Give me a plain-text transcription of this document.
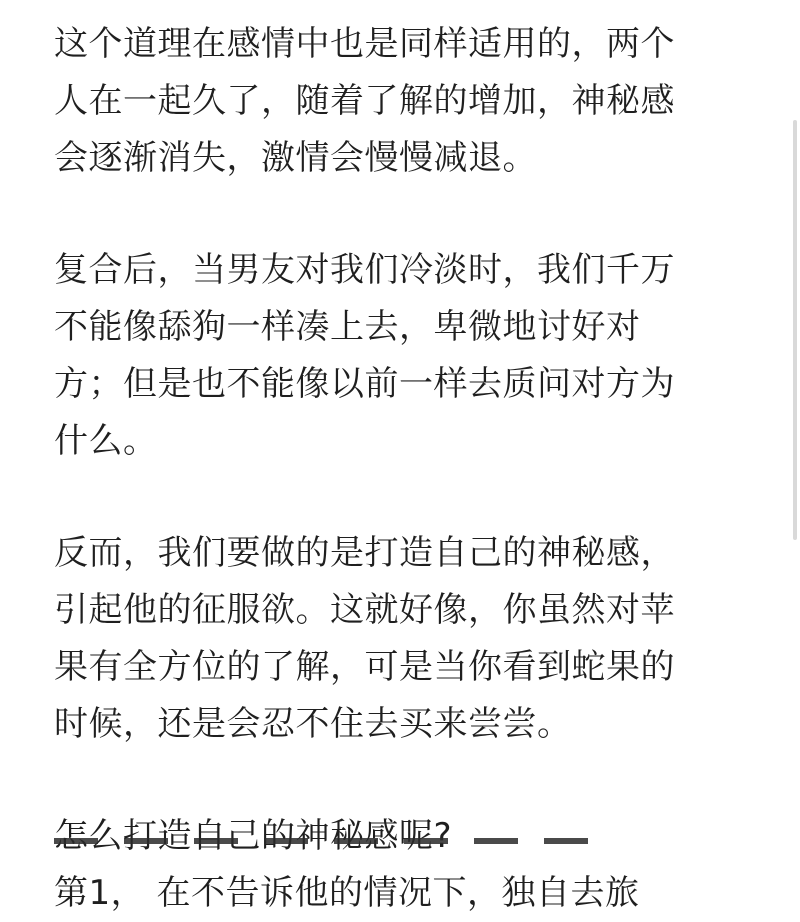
这个道理在感情中也是同样适用的，两个
人在一起久了，随着了解的增加，神秘感
会逐渐消失，激情会慢慢减退。

复合后，当男友对我们冷淡时，我们千万
不能像舔狗一样凑上去，卑微地讨好对
方；但是也不能像以前一样去质问对方为
什么。

反而，我们要做的是打造自己的神秘感，
引起他的征服欲。这就好像，你虽然对苹
果有全方位的了解，可是当你看到蛇果的
时候，还是会忍不住去买来尝尝。

怎么打造自己的神秘感呢?
第1， 在不告诉他的情况下，独自去旅
